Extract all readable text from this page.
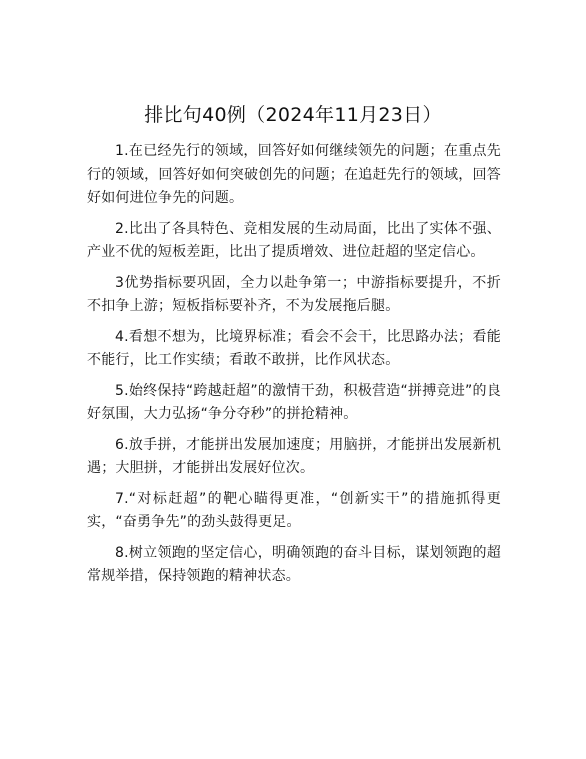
排比句40例（2024年11月23日）

1.在已经先行的领域，回答好如何继续领先的问题；在重点先行的领域，回答好如何突破创先的问题；在追赶先行的领域，回答好如何进位争先的问题。

2.比出了各具特色、竞相发展的生动局面，比出了实体不强、产业不优的短板差距，比出了提质增效、进位赶超的坚定信心。

3优势指标要巩固，全力以赴争第一；中游指标要提升，不折不扣争上游；短板指标要补齐，不为发展拖后腿。

4.看想不想为，比境界标准；看会不会干，比思路办法；看能不能行，比工作实绩；看敢不敢拼，比作风状态。

5.始终保持“跨越赶超”的激情干劲，积极营造“拼搏竞进”的良好氛围，大力弘扬“争分夺秒”的拼抢精神。

6.放手拼，才能拼出发展加速度；用脑拼，才能拼出发展新机遇；大胆拼，才能拼出发展好位次。

7.“对标赶超”的靶心瞄得更准，“创新实干”的措施抓得更实，“奋勇争先”的劲头鼓得更足。

8.树立领跑的坚定信心，明确领跑的奋斗目标，谋划领跑的超常规举措，保持领跑的精神状态。
